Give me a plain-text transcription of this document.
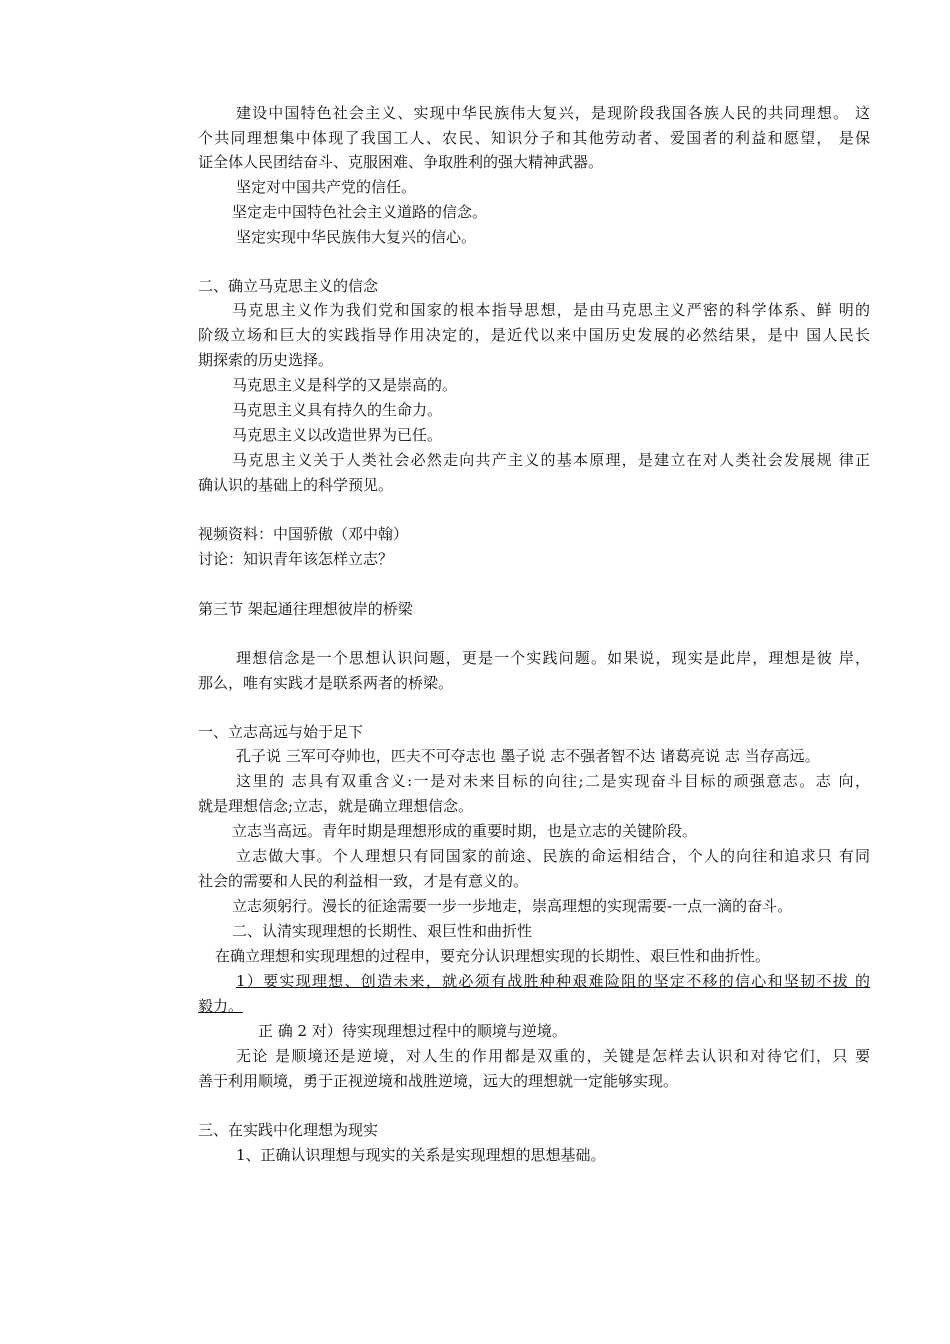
建设中国特色社会主义、实现中华民族伟大复兴，是现阶段我国各族人民的共同理想。 这
个共同理想集中体现了我国工人、农民、知识分子和其他劳动者、爱国者的利益和愿望， 是保
证全体人民团结奋斗、克服困难、争取胜利的强大精神武器。
坚定对中国共产党的信任。
坚定走中国特色社会主义道路的信念。
坚定实现中华民族伟大复兴的信心。
二、确立马克思主义的信念
马克思主义作为我们党和国家的根本指导思想，是由马克思主义严密的科学体系、鲜 明的
阶级立场和巨大的实践指导作用决定的，是近代以来中国历史发展的必然结果，是中 国人民长
期探索的历史选择。
马克思主义是科学的又是崇高的。
马克思主义具有持久的生命力。
马克思主义以改造世界为已任。
马克思主义关于人类社会必然走向共产主义的基本原理，是建立在对人类社会发展规 律正
确认识的基础上的科学预见。
视频资料：中国骄傲（邓中翰）
讨论：知识青年该怎样立志？
第三节 架起通往理想彼岸的桥梁
理想信念是一个思想认识问题，更是一个实践问题。如果说，现实是此岸，理想是彼 岸，
那么，唯有实践才是联系两者的桥梁。
一、立志高远与始于足下
孔子说 三军可夺帅也，匹夫不可夺志也 墨子说 志不强者智不达 诸葛亮说 志 当存高远。
这里的 志具有双重含义:一是对未来目标的向往;二是实现奋斗目标的顽强意志。志 向，
就是理想信念;立志，就是确立理想信念。
立志当高远。青年时期是理想形成的重要时期，也是立志的关键阶段。
立志做大事。个人理想只有同国家的前途、民族的命运相结合，个人的向往和追求只 有同
社会的需要和人民的利益相一致，才是有意义的。
立志须躬行。漫长的征途需要一步一步地走，崇高理想的实现需要-一点一滴的奋斗。
二、认清实现理想的长期性、艰巨性和曲折性
在确立理想和实现理想的过程申，要充分认识理想实现的长期性、艰巨性和曲折性。
1）要实现理想、创造未来，就必须有战胜种种艰难险阻的坚定不移的信心和坚韧不拔 的
毅力。
正 确 2 对）待实现理想过程中的顺境与逆境。
无论 是顺境还是逆境，对人生的作用都是双重的，关键是怎样去认识和对待它们，只 要
善于利用顺境，勇于正视逆境和战胜逆境，远大的理想就一定能够实现。
三、在实践中化理想为现实
1、正确认识理想与现实的关系是实现理想的思想基础。
